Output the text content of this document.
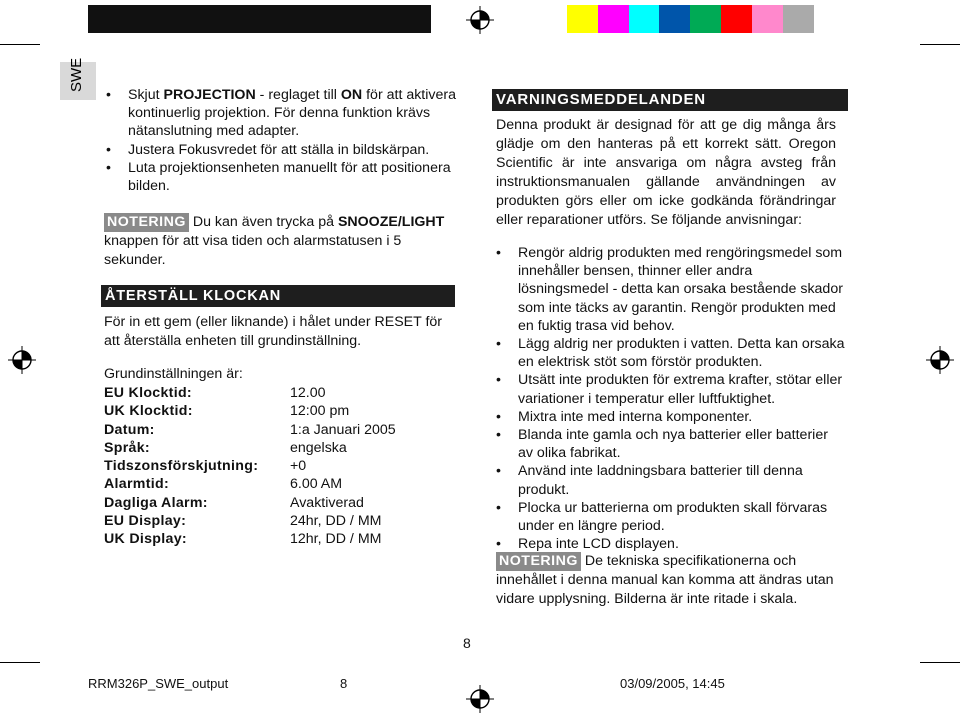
SWE
• Skjut PROJECTION - reglaget till ON för att aktivera kontinuerlig projektion. För denna funktion krävs nätanslutning med adapter.
• Justera Fokusvredet för att ställa in bildskärpan.
• Luta projektionsenheten manuellt för att positionera bilden.
NOTERING Du kan även trycka på SNOOZE/LIGHT knappen för att visa tiden och alarmstatusen i 5 sekunder.
ÅTERSTÄLL KLOCKAN
För in ett gem (eller liknande) i hålet under RESET för att återställa enheten till grundinställning.
Grundinställningen är:
EU Klocktid:	12.00
UK Klocktid:	12:00 pm
Datum:	1:a Januari 2005
Språk:	engelska
Tidszonsförskjutning:	+0
Alarmtid:	6.00 AM
Dagliga Alarm:	Avaktiverad
EU Display:	24hr, DD / MM
UK Display:	12hr, DD / MM
VARNINGSMEDDELANDEN
Denna produkt är designad för att ge dig många års glädje om den hanteras på ett korrekt sätt. Oregon Scientific är inte ansvariga om några avsteg från instruktionsmanualen gällande användningen av produkten görs eller om icke godkända förändringar eller reparationer utförs. Se följande anvisningar:
• Rengör aldrig produkten med rengöringsmedel som innehåller bensen, thinner eller andra lösningsmedel - detta kan orsaka bestående skador som inte täcks av garantin. Rengör produkten med en fuktig trasa vid behov.
• Lägg aldrig ner produkten i vatten. Detta kan orsaka en elektrisk stöt som förstör produkten.
• Utsätt inte produkten för extrema krafter, stötar eller variationer i temperatur eller luftfuktighet.
• Mixtra inte med interna komponenter.
• Blanda inte gamla och nya batterier eller batterier av olika fabrikat.
• Använd inte laddningsbara batterier till denna produkt.
• Plocka ur batterierna om produkten skall förvaras under en längre period.
• Repa inte LCD displayen.
NOTERING De tekniska specifikationerna och innehållet i denna manual kan komma att ändras utan vidare upplysning. Bilderna är inte ritade i skala.
8
RRM326P_SWE_output	8	03/09/2005, 14:45
